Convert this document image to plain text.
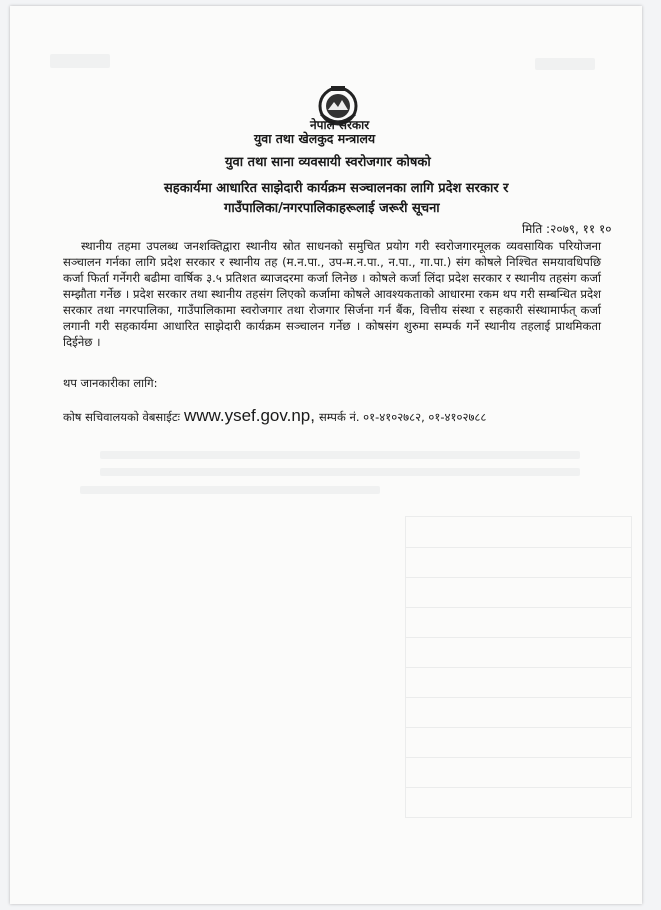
नेपाल सरकार
युवा तथा खेलकुद मन्त्रालय
युवा तथा साना व्यवसायी स्वरोजगार कोषको
सहकार्यमा आधारित साझेदारी कार्यक्रम सञ्चालनका लागि प्रदेश सरकार र
गाउँपालिका/नगरपालिकाहरूलाई जरूरी सूचना
मिति :२०७९, ११ १०

स्थानीय तहमा उपलब्ध जनशक्तिद्वारा स्थानीय स्रोत साधनको समुचित प्रयोग गरी स्वरोजगारमूलक व्यवसायिक परियोजना सञ्चालन गर्नका लागि प्रदेश सरकार र स्थानीय तह (म.न.पा., उप-म.न.पा., न.पा., गा.पा.) संग कोषले निश्चित समयावधिपछि कर्जा फिर्ता गर्नेगरी बढीमा वार्षिक ३.५ प्रतिशत ब्याजदरमा कर्जा लिनेछ । कोषले कर्जा लिंदा प्रदेश सरकार र स्थानीय तहसंग कर्जा सम्झौता गर्नेछ । प्रदेश सरकार तथा स्थानीय तहसंग लिएको कर्जामा कोषले आवश्यकताको आधारमा रकम थप गरी सम्बन्धित प्रदेश सरकार तथा नगरपालिका, गाउँपालिकामा स्वरोजगार तथा रोजगार सिर्जना गर्न बैंक, वित्तीय संस्था र सहकारी संस्थामार्फत् कर्जा लगानी गरी सहकार्यमा आधारित साझेदारी कार्यक्रम सञ्चालन गर्नेछ । कोषसंग शुरुमा सम्पर्क गर्ने स्थानीय तहलाई प्राथमिकता दिईनेछ ।

थप जानकारीका लागि:
कोष सचिवालयको वेबसाईटः www.ysef.gov.np, सम्पर्क नं. ०१-४१०२७८२, ०१-४१०२७८८
